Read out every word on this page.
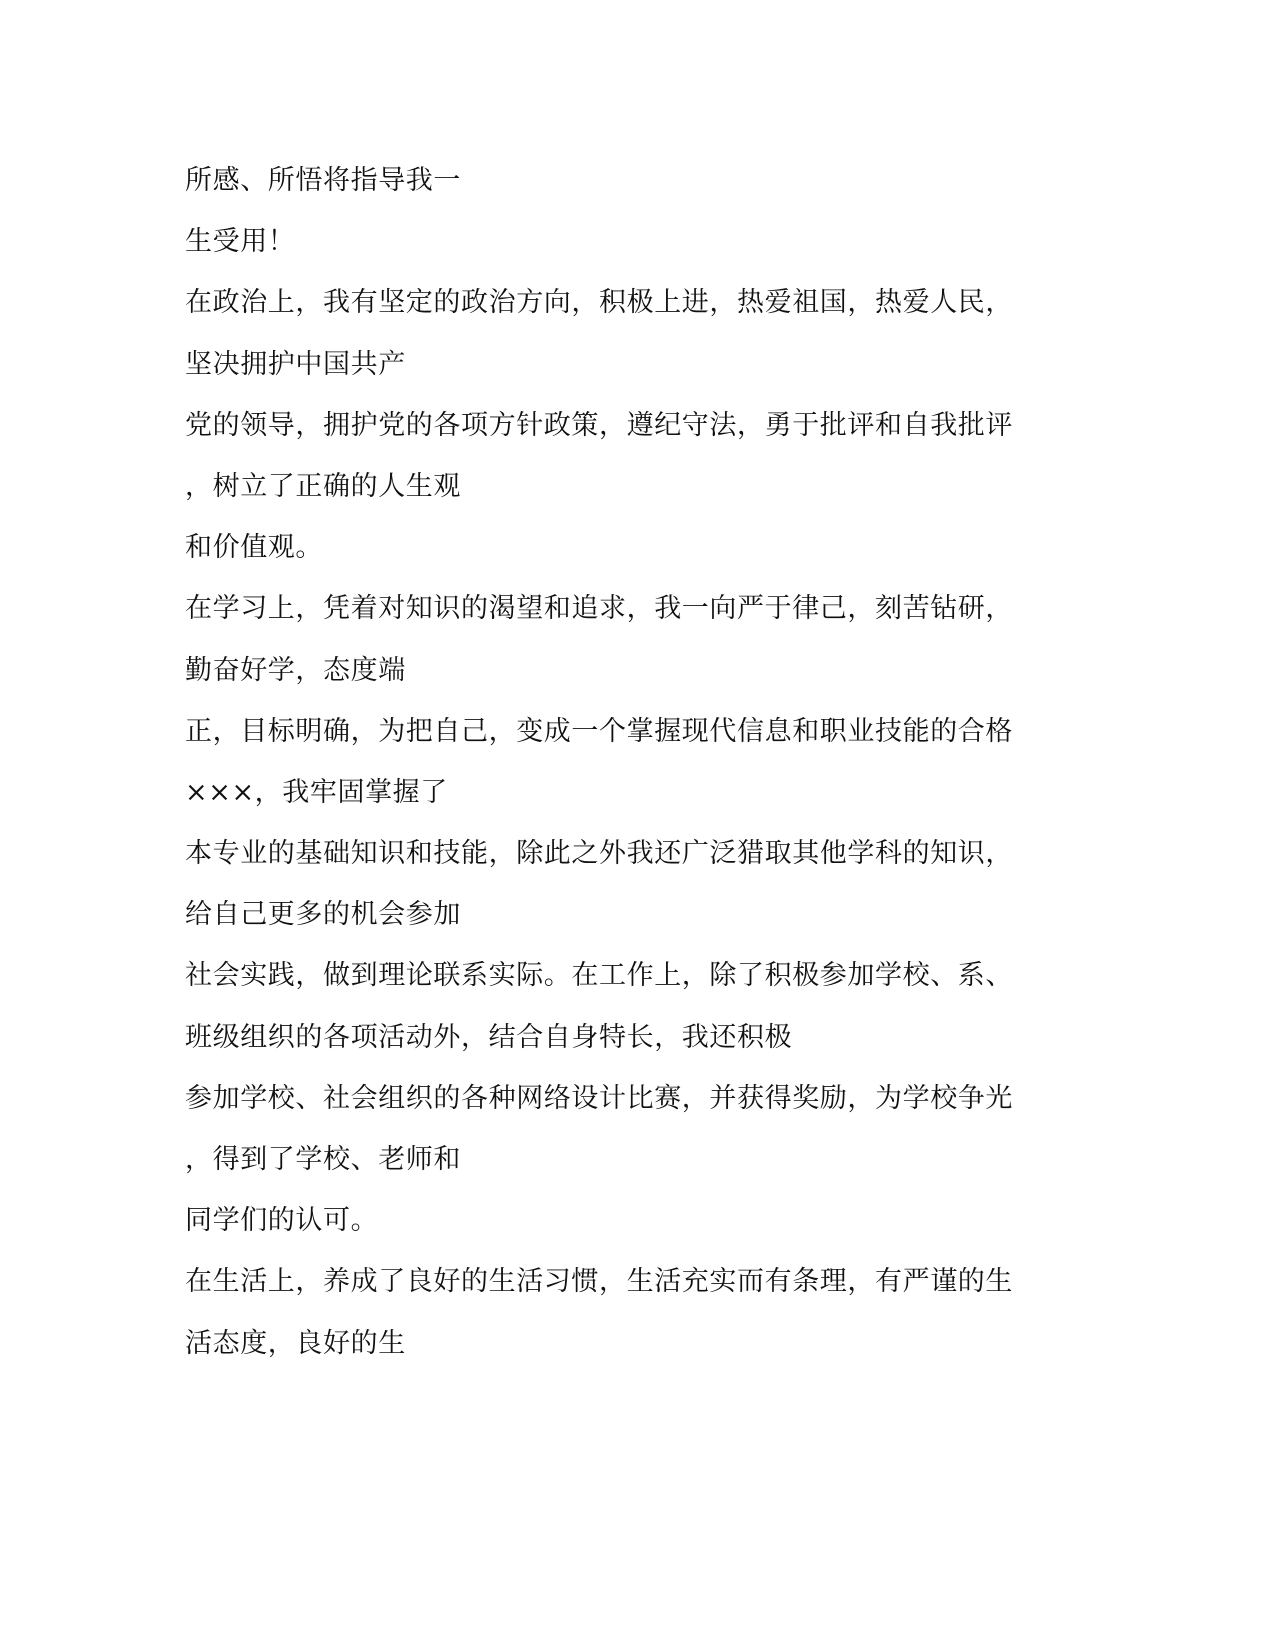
所感、所悟将指导我一

生受用！

在政治上，我有坚定的政治方向，积极上进，热爱祖国，热爱人民，

坚决拥护中国共产

党的领导，拥护党的各项方针政策，遵纪守法，勇于批评和自我批评

，树立了正确的人生观

和价值观。

在学习上，凭着对知识的渴望和追求，我一向严于律己，刻苦钻研，

勤奋好学，态度端

正，目标明确，为把自己，变成一个掌握现代信息和职业技能的合格

×××，我牢固掌握了

本专业的基础知识和技能，除此之外我还广泛猎取其他学科的知识，

给自己更多的机会参加

社会实践，做到理论联系实际。在工作上，除了积极参加学校、系、

班级组织的各项活动外，结合自身特长，我还积极

参加学校、社会组织的各种网络设计比赛，并获得奖励，为学校争光

，得到了学校、老师和

同学们的认可。

在生活上，养成了良好的生活习惯，生活充实而有条理，有严谨的生

活态度，良好的生
